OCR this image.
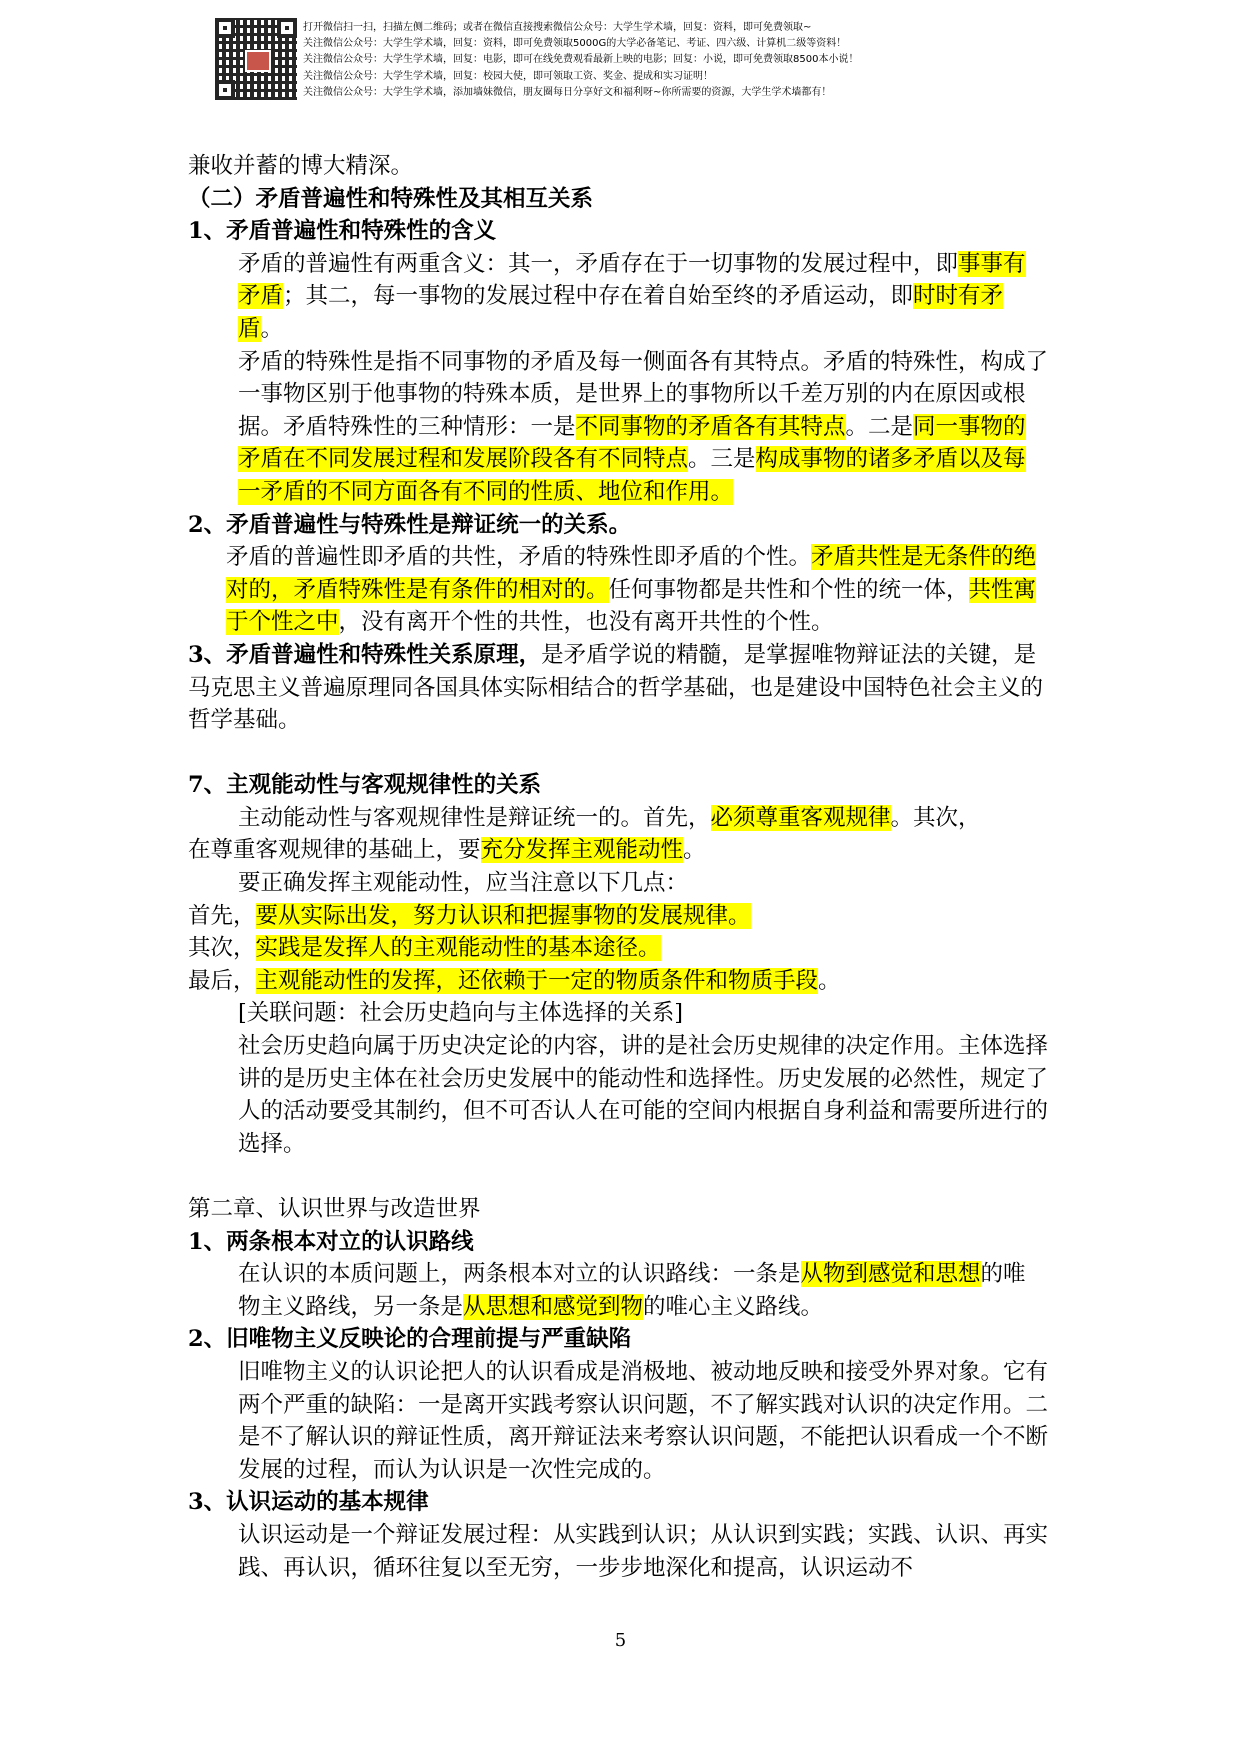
打开微信扫一扫，扫描左侧二维码；或者在微信直接搜索微信公众号：大学生学术墙，回复：资料，即可免费领取~
关注微信公众号：大学生学术墙，回复：资料，即可免费领取5000G的大学必备笔记、考证、四六级、计算机二级等资料！
关注微信公众号：大学生学术墙，回复：电影，即可在线免费观看最新上映的电影；回复：小说，即可免费领取8500本小说！
关注微信公众号：大学生学术墙，回复：校园大使，即可领取工资、奖金、提成和实习证明！
关注微信公众号：大学生学术墙，添加墙妹微信，朋友圈每日分享好文和福利呀~你所需要的资源，大学生学术墙都有！

兼收并蓄的博大精深。

（二）矛盾普遍性和特殊性及其相互关系

1、矛盾普遍性和特殊性的含义

矛盾的普遍性有两重含义：其一，矛盾存在于一切事物的发展过程中，即事事有矛盾；其二，每一事物的发展过程中存在着自始至终的矛盾运动，即时时有矛盾。

矛盾的特殊性是指不同事物的矛盾及每一侧面各有其特点。矛盾的特殊性，构成了一事物区别于他事物的特殊本质，是世界上的事物所以千差万别的内在原因或根据。矛盾特殊性的三种情形：一是不同事物的矛盾各有其特点。二是同一事物的矛盾在不同发展过程和发展阶段各有不同特点。三是构成事物的诸多矛盾以及每一矛盾的不同方面各有不同的性质、地位和作用。

2、矛盾普遍性与特殊性是辩证统一的关系。

矛盾的普遍性即矛盾的共性，矛盾的特殊性即矛盾的个性。矛盾共性是无条件的绝对的，矛盾特殊性是有条件的相对的。任何事物都是共性和个性的统一体，共性寓于个性之中，没有离开个性的共性，也没有离开共性的个性。

3、矛盾普遍性和特殊性关系原理，是矛盾学说的精髓，是掌握唯物辩证法的关键，是马克思主义普遍原理同各国具体实际相结合的哲学基础，也是建设中国特色社会主义的哲学基础。

7、主观能动性与客观规律性的关系

主动能动性与客观规律性是辩证统一的。首先，必须尊重客观规律。其次，
在尊重客观规律的基础上，要充分发挥主观能动性。

要正确发挥主观能动性，应当注意以下几点：

首先，要从实际出发，努力认识和把握事物的发展规律。

其次，实践是发挥人的主观能动性的基本途径。

最后，主观能动性的发挥，还依赖于一定的物质条件和物质手段。

[关联问题：社会历史趋向与主体选择的关系]

社会历史趋向属于历史决定论的内容，讲的是社会历史规律的决定作用。主体选择讲的是历史主体在社会历史发展中的能动性和选择性。历史发展的必然性，规定了人的活动要受其制约，但不可否认人在可能的空间内根据自身利益和需要所进行的选择。

第二章、认识世界与改造世界

1、两条根本对立的认识路线

在认识的本质问题上，两条根本对立的认识路线：一条是从物到感觉和思想的唯物主义路线，另一条是从思想和感觉到物的唯心主义路线。

2、旧唯物主义反映论的合理前提与严重缺陷

旧唯物主义的认识论把人的认识看成是消极地、被动地反映和接受外界对象。它有两个严重的缺陷：一是离开实践考察认识问题，不了解实践对认识的决定作用。二是不了解认识的辩证性质，离开辩证法来考察认识问题，不能把认识看成一个不断发展的过程，而认为认识是一次性完成的。

3、认识运动的基本规律

认识运动是一个辩证发展过程：从实践到认识；从认识到实践；实践、认识、再实践、再认识，循环往复以至无穷，一步步地深化和提高，认识运动不

5
